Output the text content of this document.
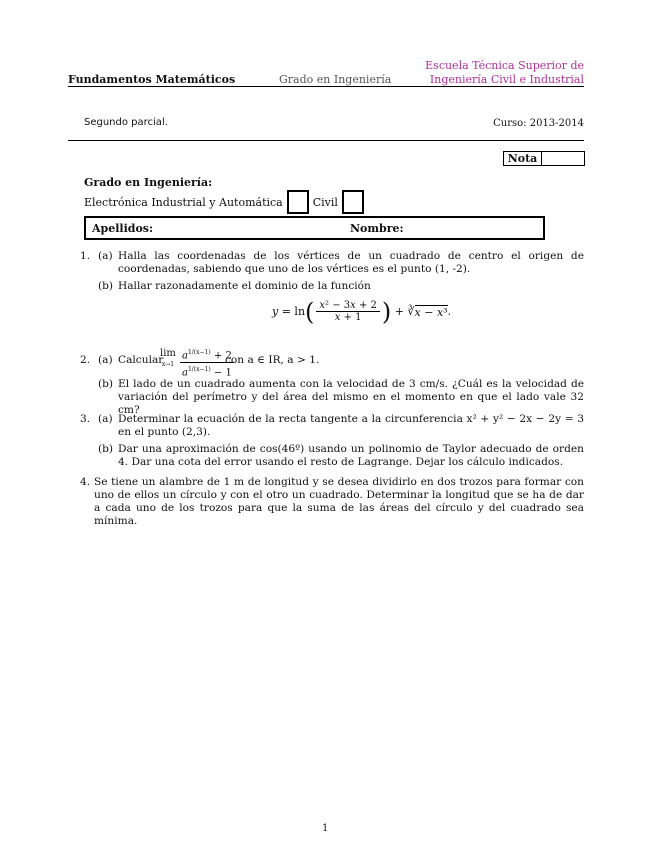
Fundamentos Matemáticos	Grado en Ingeniería
Escuela Técnica Superior de
Ingeniería Civil e Industrial
Segundo parcial.	Curso: 2013-2014
Nota
Grado en Ingeniería:
Electrónica Industrial y Automática	Civil
Apellidos:	Nombre:
1. (a) Halla las coordenadas de los vértices de un cuadrado de centro el origen de coordenadas, sabiendo que uno de los vértices es el punto (1, -2).
(b) Hallar razonadamente el dominio de la función
y = ln ( $\frac{\text{x² − 3x + 2}}{x + 1}$ ) + ∛ x − x³ .
2. (a) Calcular
lim
x→1
$a^{1/(x-1)} + 2$
$a^{1/(x-1)} - 1$
con a ∈ IR, a > 1.
(b) El lado de un cuadrado aumenta con la velocidad de 3 cm/s. ¿Cuál es la velocidad de variación del perímetro y del área del mismo en el momento en que el lado vale 32 cm?
3. (a) Determinar la ecuación de la recta tangente a la circunferencia x² + y² − 2x − 2y = 3 en el punto (2,3).
(b) Dar una aproximación de cos(46º) usando un polinomio de Taylor adecuado de orden 4. Dar una cota del error usando el resto de Lagrange. Dejar los cálculo indicados.
4. Se tiene un alambre de 1 m de longitud y se desea dividirlo en dos trozos para formar con uno de ellos un círculo y con el otro un cuadrado. Determinar la longitud que se ha de dar a cada uno de los trozos para que la suma de las áreas del círculo y del cuadrado sea mínima.
1
